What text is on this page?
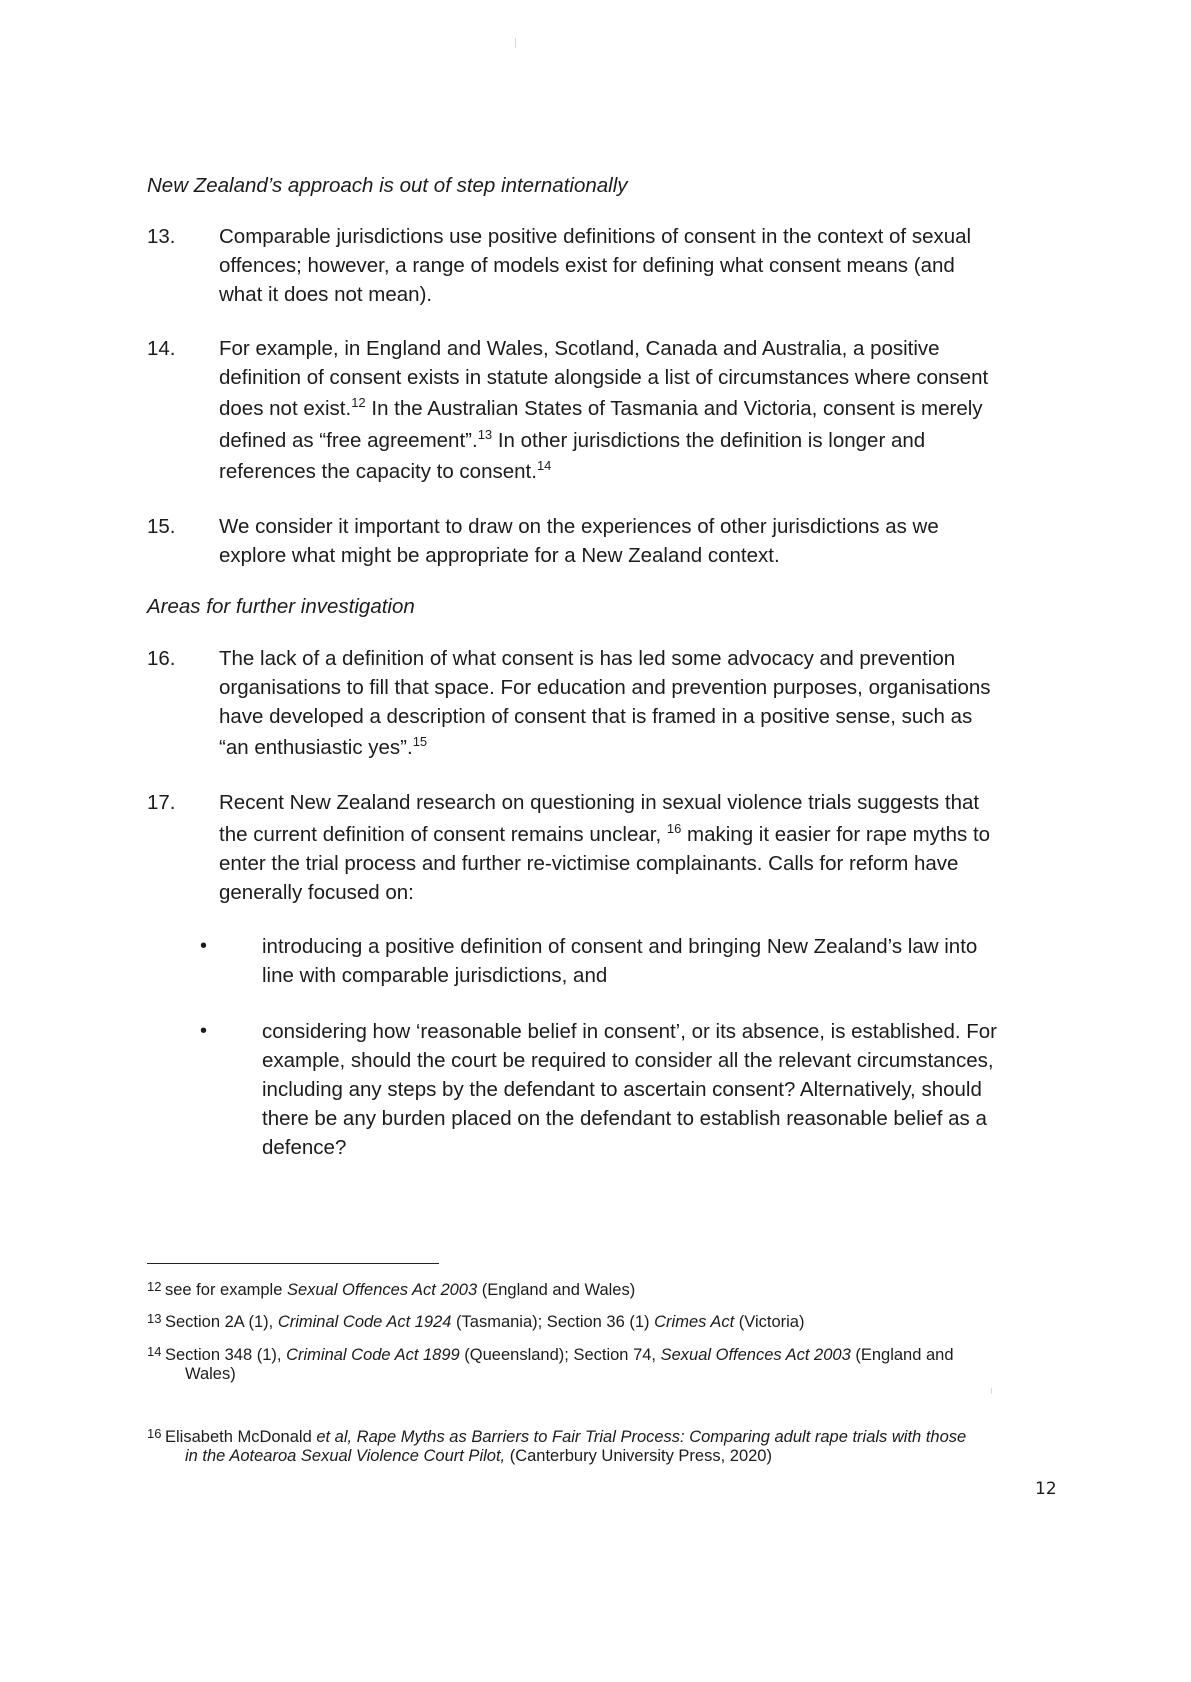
New Zealand’s approach is out of step internationally
13. Comparable jurisdictions use positive definitions of consent in the context of sexual
offences; however, a range of models exist for defining what consent means (and
what it does not mean).
14. For example, in England and Wales, Scotland, Canada and Australia, a positive
definition of consent exists in statute alongside a list of circumstances where consent
does not exist.$^{12}$ In the Australian States of Tasmania and Victoria, consent is merely
defined as “free agreement”.$^{13}$ In other jurisdictions the definition is longer and
references the capacity to consent.$^{14}$
15. We consider it important to draw on the experiences of other jurisdictions as we
explore what might be appropriate for a New Zealand context.
Areas for further investigation
16. The lack of a definition of what consent is has led some advocacy and prevention
organisations to fill that space. For education and prevention purposes, organisations
have developed a description of consent that is framed in a positive sense, such as
“an enthusiastic yes”.$^{15}$
17. Recent New Zealand research on questioning in sexual violence trials suggests that
the current definition of consent remains unclear, $^{16}$ making it easier for rape myths to
enter the trial process and further re-victimise complainants. Calls for reform have
generally focused on:
•	introducing a positive definition of consent and bringing New Zealand’s law into
line with comparable jurisdictions, and
•	considering how ‘reasonable belief in consent’, or its absence, is established. For
example, should the court be required to consider all the relevant circumstances,
including any steps by the defendant to ascertain consent? Alternatively, should
there be any burden placed on the defendant to establish reasonable belief as a
defence?
12 see for example Sexual Offences Act 2003 (England and Wales)
13 Section 2A (1), Criminal Code Act 1924 (Tasmania); Section 36 (1) Crimes Act (Victoria)
14 Section 348 (1), Criminal Code Act 1899 (Queensland); Section 74, Sexual Offences Act 2003 (England and
Wales)
16 Elisabeth McDonald et al, Rape Myths as Barriers to Fair Trial Process: Comparing adult rape trials with those
in the Aotearoa Sexual Violence Court Pilot, (Canterbury University Press, 2020)
12
